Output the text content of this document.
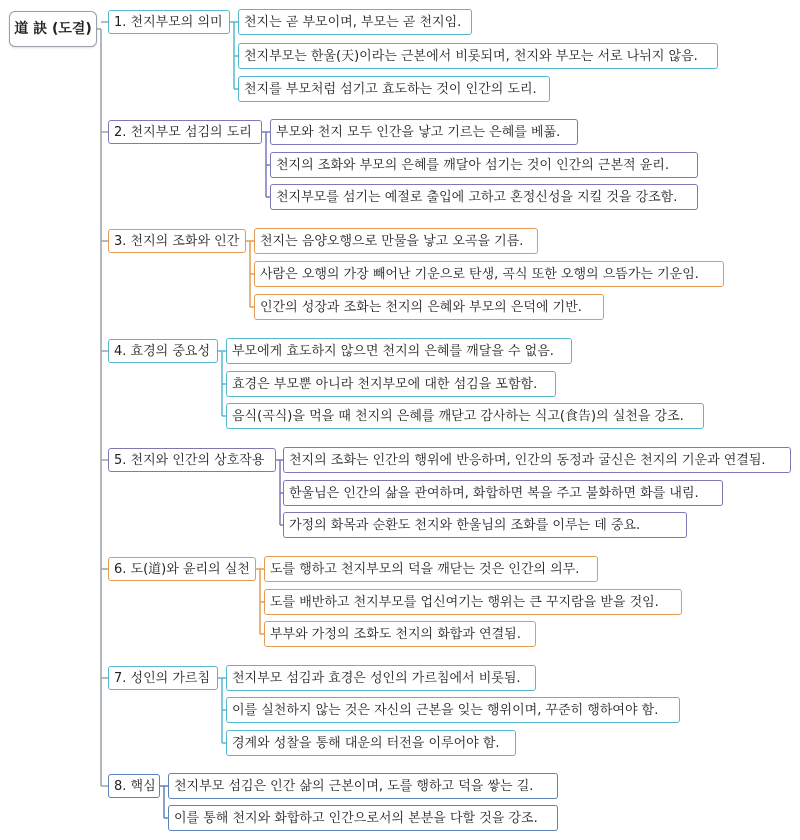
道 訣 (도결)	1. 천지부모의 의미	천지는 곧 부모이며, 부모는 곧 천지임.
천지부모는 한울(天)이라는 근본에서 비롯되며, 천지와 부모는 서로 나뉘지 않음.
천지를 부모처럼 섬기고 효도하는 것이 인간의 도리.
2. 천지부모 섬김의 도리	부모와 천지 모두 인간을 낳고 기르는 은혜를 베풂.
천지의 조화와 부모의 은혜를 깨달아 섬기는 것이 인간의 근본적 윤리.
천지부모를 섬기는 예절로 출입에 고하고 혼정신성을 지킬 것을 강조함.
3. 천지의 조화와 인간	천지는 음양오행으로 만물을 낳고 오곡을 기름.
사람은 오행의 가장 빼어난 기운으로 탄생, 곡식 또한 오행의 으뜸가는 기운임.
인간의 성장과 조화는 천지의 은혜와 부모의 은덕에 기반.
4. 효경의 중요성	부모에게 효도하지 않으면 천지의 은혜를 깨달을 수 없음.
효경은 부모뿐 아니라 천지부모에 대한 섬김을 포함함.
음식(곡식)을 먹을 때 천지의 은혜를 깨닫고 감사하는 식고(食告)의 실천을 강조.
5. 천지와 인간의 상호작용	천지의 조화는 인간의 행위에 반응하며, 인간의 동정과 굴신은 천지의 기운과 연결됨.
한울님은 인간의 삶을 관여하며, 화합하면 복을 주고 불화하면 화를 내림.
가정의 화목과 순환도 천지와 한울님의 조화를 이루는 데 중요.
6. 도(道)와 윤리의 실천	도를 행하고 천지부모의 덕을 깨닫는 것은 인간의 의무.
도를 배반하고 천지부모를 업신여기는 행위는 큰 꾸지람을 받을 것임.
부부와 가정의 조화도 천지의 화합과 연결됨.
7. 성인의 가르침	천지부모 섬김과 효경은 성인의 가르침에서 비롯됨.
이를 실천하지 않는 것은 자신의 근본을 잊는 행위이며, 꾸준히 행하여야 함.
경계와 성찰을 통해 대운의 터전을 이루어야 함.
8. 핵심	천지부모 섬김은 인간 삶의 근본이며, 도를 행하고 덕을 쌓는 길.
이를 통해 천지와 화합하고 인간으로서의 본분을 다할 것을 강조.
